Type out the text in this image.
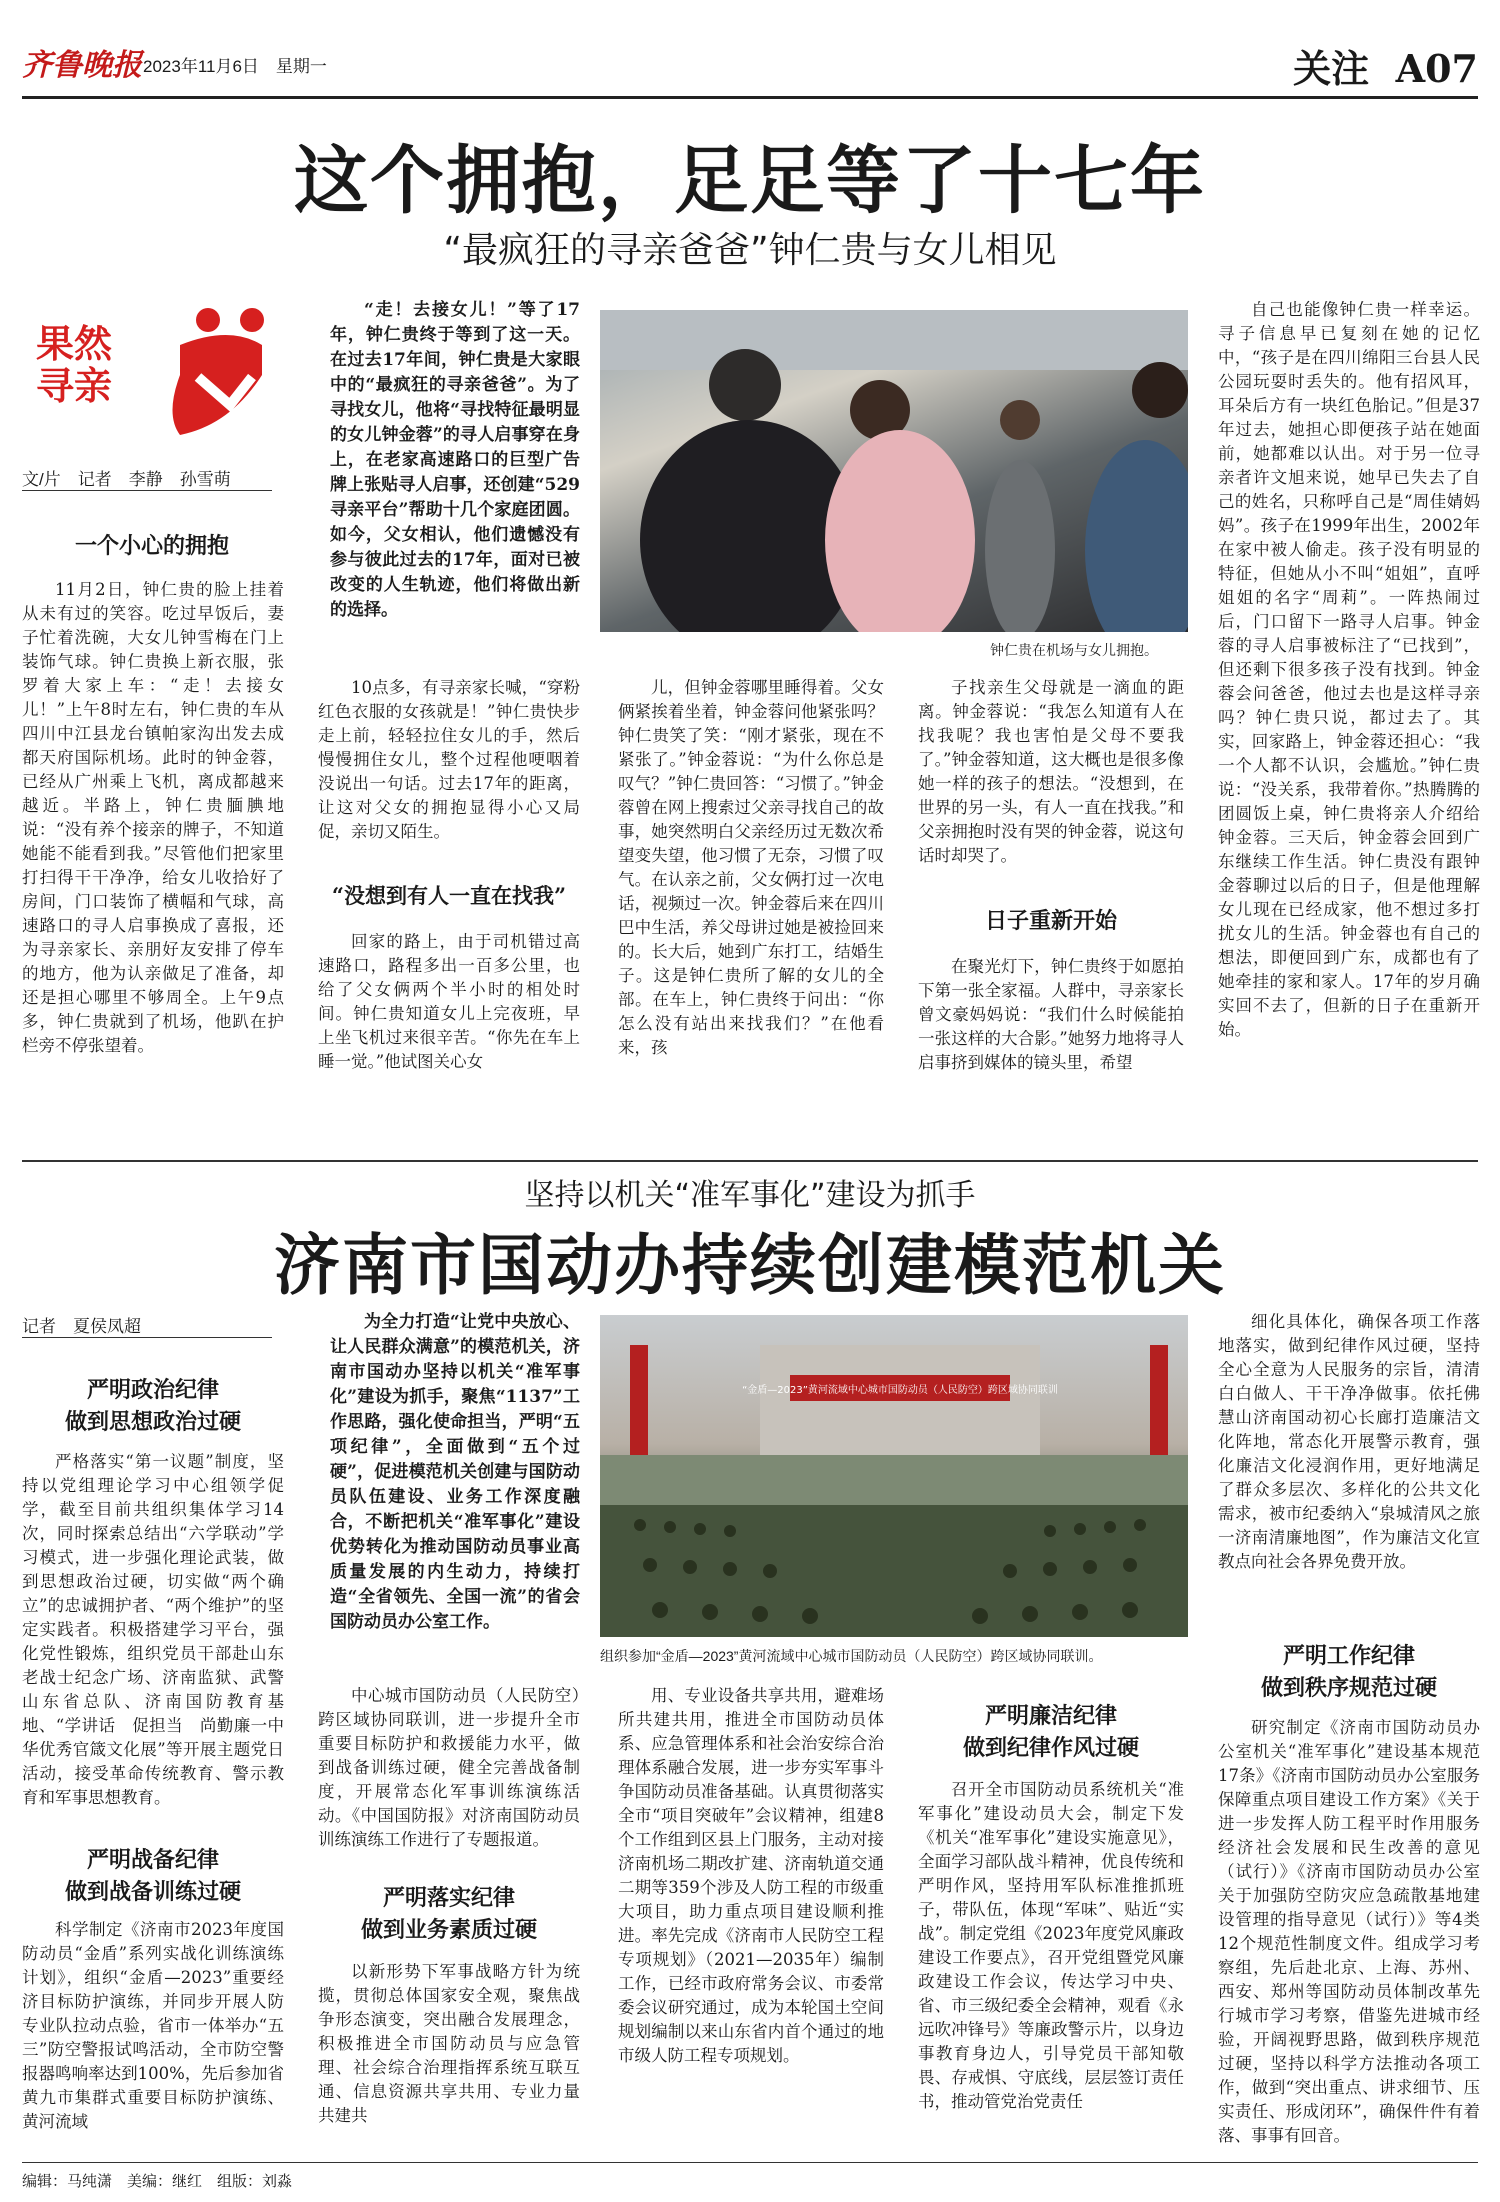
齐鲁晚报 2023年11月6日　星期一	关注 A07
这个拥抱，足足等了十七年
“最疯狂的寻亲爸爸”钟仁贵与女儿相见
果然
寻亲
文/片　记者　李静　孙雪萌
一个小心的拥抱
11月2日，钟仁贵的脸上挂着从未有过的笑容。吃过早饭后，妻子忙着洗碗，大女儿钟雪梅在门上装饰气球。钟仁贵换上新衣服，张罗着大家上车：“走！去接女儿！”上午8时左右，钟仁贵的车从四川中江县龙台镇帕家沟出发去成都天府国际机场。此时的钟金蓉，已经从广州乘上飞机，离成都越来越近。半路上，钟仁贵腼腆地说：“没有养个接亲的牌子，不知道她能不能看到我。”尽管他们把家里打扫得干干净净，给女儿收拾好了房间，门口装饰了横幅和气球，高速路口的寻人启事换成了喜报，还为寻亲家长、亲朋好友安排了停车的地方，他为认亲做足了准备，却还是担心哪里不够周全。上午9点多，钟仁贵就到了机场，他趴在护栏旁不停张望着。
“走！去接女儿！”等了17年，钟仁贵终于等到了这一天。在过去17年间，钟仁贵是大家眼中的“最疯狂的寻亲爸爸”。为了寻找女儿，他将“寻找特征最明显的女儿钟金蓉”的寻人启事穿在身上，在老家高速路口的巨型广告牌上张贴寻人启事，还创建“529寻亲平台”帮助十几个家庭团圆。如今，父女相认，他们遗憾没有参与彼此过去的17年，面对已被改变的人生轨迹，他们将做出新的选择。
钟仁贵在机场与女儿拥抱。
10点多，有寻亲家长喊，“穿粉红色衣服的女孩就是！”钟仁贵快步走上前，轻轻拉住女儿的手，然后慢慢拥住女儿，整个过程他哽咽着没说出一句话。过去17年的距离，让这对父女的拥抱显得小心又局促，亲切又陌生。
“没想到有人一直在找我”
回家的路上，由于司机错过高速路口，路程多出一百多公里，也给了父女俩两个半小时的相处时间。钟仁贵知道女儿上完夜班，早上坐飞机过来很辛苦。“你先在车上睡一觉。”他试图关心女
儿，但钟金蓉哪里睡得着。父女俩紧挨着坐着，钟金蓉问他紧张吗？钟仁贵笑了笑：“刚才紧张，现在不紧张了。”钟金蓉说：“为什么你总是叹气？”钟仁贵回答：“习惯了。”钟金蓉曾在网上搜索过父亲寻找自己的故事，她突然明白父亲经历过无数次希望变失望，他习惯了无奈，习惯了叹气。在认亲之前，父女俩打过一次电话，视频过一次。钟金蓉后来在四川巴中生活，养父母讲过她是被捡回来的。长大后，她到广东打工，结婚生子。这是钟仁贵所了解的女儿的全部。在车上，钟仁贵终于问出：“你怎么没有站出来找我们？”在他看来，孩
子找亲生父母就是一滴血的距离。钟金蓉说：“我怎么知道有人在找我呢？我也害怕是父母不要我了。”钟金蓉知道，这大概也是很多像她一样的孩子的想法。“没想到，在世界的另一头，有人一直在找我。”和父亲拥抱时没有哭的钟金蓉，说这句话时却哭了。
日子重新开始
在聚光灯下，钟仁贵终于如愿拍下第一张全家福。人群中，寻亲家长曾文豪妈妈说：“我们什么时候能拍一张这样的大合影。”她努力地将寻人启事挤到媒体的镜头里，希望
自己也能像钟仁贵一样幸运。寻子信息早已复刻在她的记忆中，“孩子是在四川绵阳三台县人民公园玩耍时丢失的。他有招风耳，耳朵后方有一块红色胎记。”但是37年过去，她担心即便孩子站在她面前，她都难以认出。对于另一位寻亲者许文旭来说，她早已失去了自己的姓名，只称呼自己是“周佳婧妈妈”。孩子在1999年出生，2002年在家中被人偷走。孩子没有明显的特征，但她从小不叫“姐姐”，直呼姐姐的名字“周莉”。一阵热闹过后，门口留下一路寻人启事。钟金蓉的寻人启事被标注了“已找到”，但还剩下很多孩子没有找到。钟金蓉会问爸爸，他过去也是这样寻亲吗？钟仁贵只说，都过去了。其实，回家路上，钟金蓉还担心：“我一个人都不认识，会尴尬。”钟仁贵说：“没关系，我带着你。”热腾腾的团圆饭上桌，钟仁贵将亲人介绍给钟金蓉。三天后，钟金蓉会回到广东继续工作生活。钟仁贵没有跟钟金蓉聊过以后的日子，但是他理解女儿现在已经成家，他不想过多打扰女儿的生活。钟金蓉也有自己的想法，即便回到广东，成都也有了她牵挂的家和家人。17年的岁月确实回不去了，但新的日子在重新开始。
坚持以机关“准军事化”建设为抓手
济南市国动办持续创建模范机关
记者　夏侯凤超
严明政治纪律
做到思想政治过硬
严格落实“第一议题”制度，坚持以党组理论学习中心组领学促学，截至目前共组织集体学习14次，同时探索总结出“六学联动”学习模式，进一步强化理论武装，做到思想政治过硬，切实做“两个确立”的忠诚拥护者、“两个维护”的坚定实践者。积极搭建学习平台，强化党性锻炼，组织党员干部赴山东老战士纪念广场、济南监狱、武警山东省总队、济南国防教育基地、“学讲话　促担当　尚勤廉一中华优秀官箴文化展”等开展主题党日活动，接受革命传统教育、警示教育和军事思想教育。
严明战备纪律
做到战备训练过硬
科学制定《济南市2023年度国防动员“金盾”系列实战化训练演练计划》，组织“金盾—2023”重要经济目标防护演练，并同步开展人防专业队拉动点验，省市一体举办“五三”防空警报试鸣活动，全市防空警报器鸣响率达到100%，先后参加省黄九市集群式重要目标防护演练、黄河流域
为全力打造“让党中央放心、让人民群众满意”的模范机关，济南市国动办坚持以机关“准军事化”建设为抓手，聚焦“1137”工作思路，强化使命担当，严明“五项纪律”，全面做到“五个过硬”，促进模范机关创建与国防动员队伍建设、业务工作深度融合，不断把机关“准军事化”建设优势转化为推动国防动员事业高质量发展的内生动力，持续打造“全省领先、全国一流”的省会国防动员办公室工作。
“金盾—2023”黄河流域中心城市国防动员（人民防空）跨区域协同联训
组织参加“金盾—2023”黄河流域中心城市国防动员（人民防空）跨区域协同联训。
中心城市国防动员（人民防空）跨区域协同联训，进一步提升全市重要目标防护和救援能力水平，做到战备训练过硬，健全完善战备制度，开展常态化军事训练演练活动。《中国国防报》对济南国防动员训练演练工作进行了专题报道。
严明落实纪律
做到业务素质过硬
以新形势下军事战略方针为统揽，贯彻总体国家安全观，聚焦战争形态演变，突出融合发展理念，积极推进全市国防动员与应急管理、社会综合治理指挥系统互联互通、信息资源共享共用、专业力量共建共
用、专业设备共享共用，避难场所共建共用，推进全市国防动员体系、应急管理体系和社会治安综合治理体系融合发展，进一步夯实军事斗争国防动员准备基础。认真贯彻落实全市“项目突破年”会议精神，组建8个工作组到区县上门服务，主动对接济南机场二期改扩建、济南轨道交通二期等359个涉及人防工程的市级重大项目，助力重点项目建设顺利推进。率先完成《济南市人民防空工程专项规划》（2021—2035年）编制工作，已经市政府常务会议、市委常委会议研究通过，成为本轮国土空间规划编制以来山东省内首个通过的地市级人防工程专项规划。
严明廉洁纪律
做到纪律作风过硬
召开全市国防动员系统机关“准军事化”建设动员大会，制定下发《机关“准军事化”建设实施意见》，全面学习部队战斗精神，优良传统和严明作风，坚持用军队标准推抓班子，带队伍，体现“军味”、贴近“实战”。制定党组《2023年度党风廉政建设工作要点》，召开党组暨党风廉政建设工作会议，传达学习中央、省、市三级纪委全会精神，观看《永远吹冲锋号》等廉政警示片，以身边事教育身边人，引导党员干部知敬畏、存戒惧、守底线，层层签订责任书，推动管党治党责任
细化具体化，确保各项工作落地落实，做到纪律作风过硬，坚持全心全意为人民服务的宗旨，清清白白做人、干干净净做事。依托佛慧山济南国动初心长廊打造廉洁文化阵地，常态化开展警示教育，强化廉洁文化浸润作用，更好地满足了群众多层次、多样化的公共文化需求，被市纪委纳入“泉城清风之旅一济南清廉地图”，作为廉洁文化宣教点向社会各界免费开放。
严明工作纪律
做到秩序规范过硬
研究制定《济南市国防动员办公室机关“准军事化”建设基本规范17条》《济南市国防动员办公室服务保障重点项目建设工作方案》《关于进一步发挥人防工程平时作用服务经济社会发展和民生改善的意见（试行）》《济南市国防动员办公室关于加强防空防灾应急疏散基地建设管理的指导意见（试行）》等4类12个规范性制度文件。组成学习考察组，先后赴北京、上海、苏州、西安、郑州等国防动员体制改革先行城市学习考察，借鉴先进城市经验，开阔视野思路，做到秩序规范过硬，坚持以科学方法推动各项工作，做到“突出重点、讲求细节、压实责任、形成闭环”，确保件件有着落、事事有回音。
编辑：马纯潇　美编：继红　组版：刘淼
